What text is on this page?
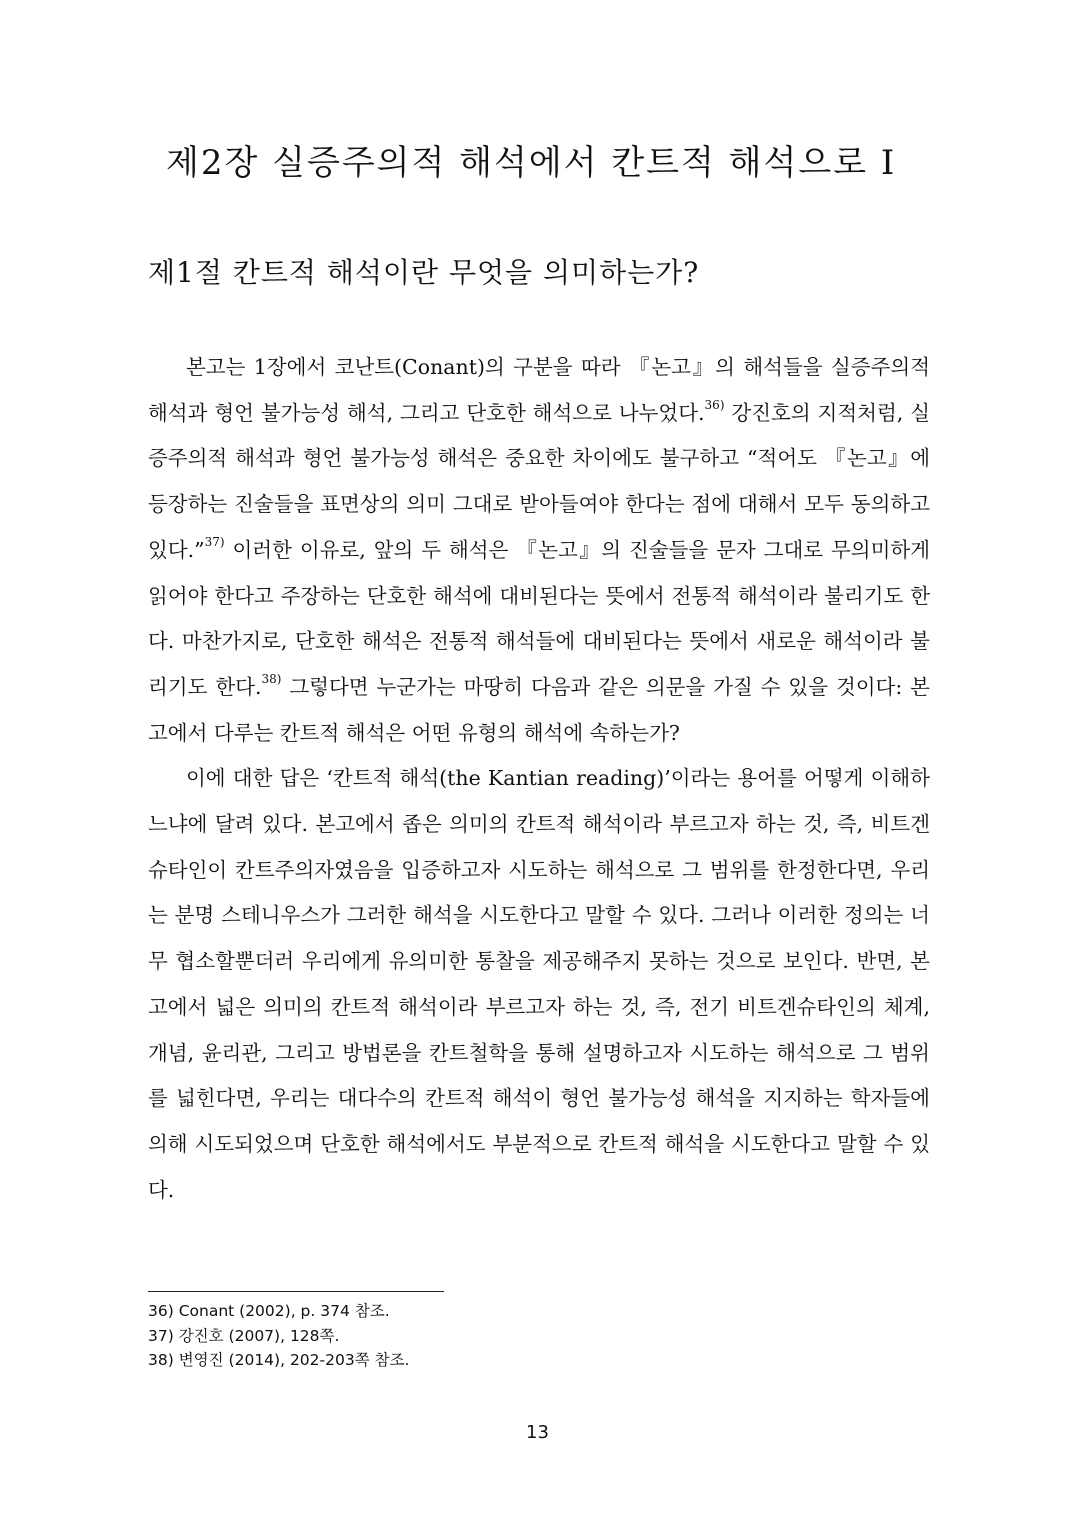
제2장 실증주의적 해석에서 칸트적 해석으로 Ⅰ
제1절 칸트적 해석이란 무엇을 의미하는가?

본고는 1장에서 코난트(Conant)의 구분을 따라 『논고』의 해석들을 실증주의적 해석과 형언 불가능성 해석, 그리고 단호한 해석으로 나누었다.$^{36)}$ 강진호의 지적처럼, 실증주의적 해석과 형언 불가능성 해석은 중요한 차이에도 불구하고 “적어도 『논고』에 등장하는 진술들을 표면상의 의미 그대로 받아들여야 한다는 점에 대해서 모두 동의하고 있다.”$^{37)}$ 이러한 이유로, 앞의 두 해석은 『논고』의 진술들을 문자 그대로 무의미하게 읽어야 한다고 주장하는 단호한 해석에 대비된다는 뜻에서 전통적 해석이라 불리기도 한다. 마찬가지로, 단호한 해석은 전통적 해석들에 대비된다는 뜻에서 새로운 해석이라 불리기도 한다.$^{38)}$ 그렇다면 누군가는 마땅히 다음과 같은 의문을 가질 수 있을 것이다: 본고에서 다루는 칸트적 해석은 어떤 유형의 해석에 속하는가?

이에 대한 답은 ‘칸트적 해석(the Kantian reading)’이라는 용어를 어떻게 이해하느냐에 달려 있다. 본고에서 좁은 의미의 칸트적 해석이라 부르고자 하는 것, 즉, 비트겐슈타인이 칸트주의자였음을 입증하고자 시도하는 해석으로 그 범위를 한정한다면, 우리는 분명 스테니우스가 그러한 해석을 시도한다고 말할 수 있다. 그러나 이러한 정의는 너무 협소할뿐더러 우리에게 유의미한 통찰을 제공해주지 못하는 것으로 보인다. 반면, 본고에서 넓은 의미의 칸트적 해석이라 부르고자 하는 것, 즉, 전기 비트겐슈타인의 체계, 개념, 윤리관, 그리고 방법론을 칸트철학을 통해 설명하고자 시도하는 해석으로 그 범위를 넓힌다면, 우리는 대다수의 칸트적 해석이 형언 불가능성 해석을 지지하는 학자들에 의해 시도되었으며 단호한 해석에서도 부분적으로 칸트적 해석을 시도한다고 말할 수 있다.

36) Conant (2002), p. 374 참조.
37) 강진호 (2007), 128쪽.
38) 변영진 (2014), 202-203쪽 참조.
13
